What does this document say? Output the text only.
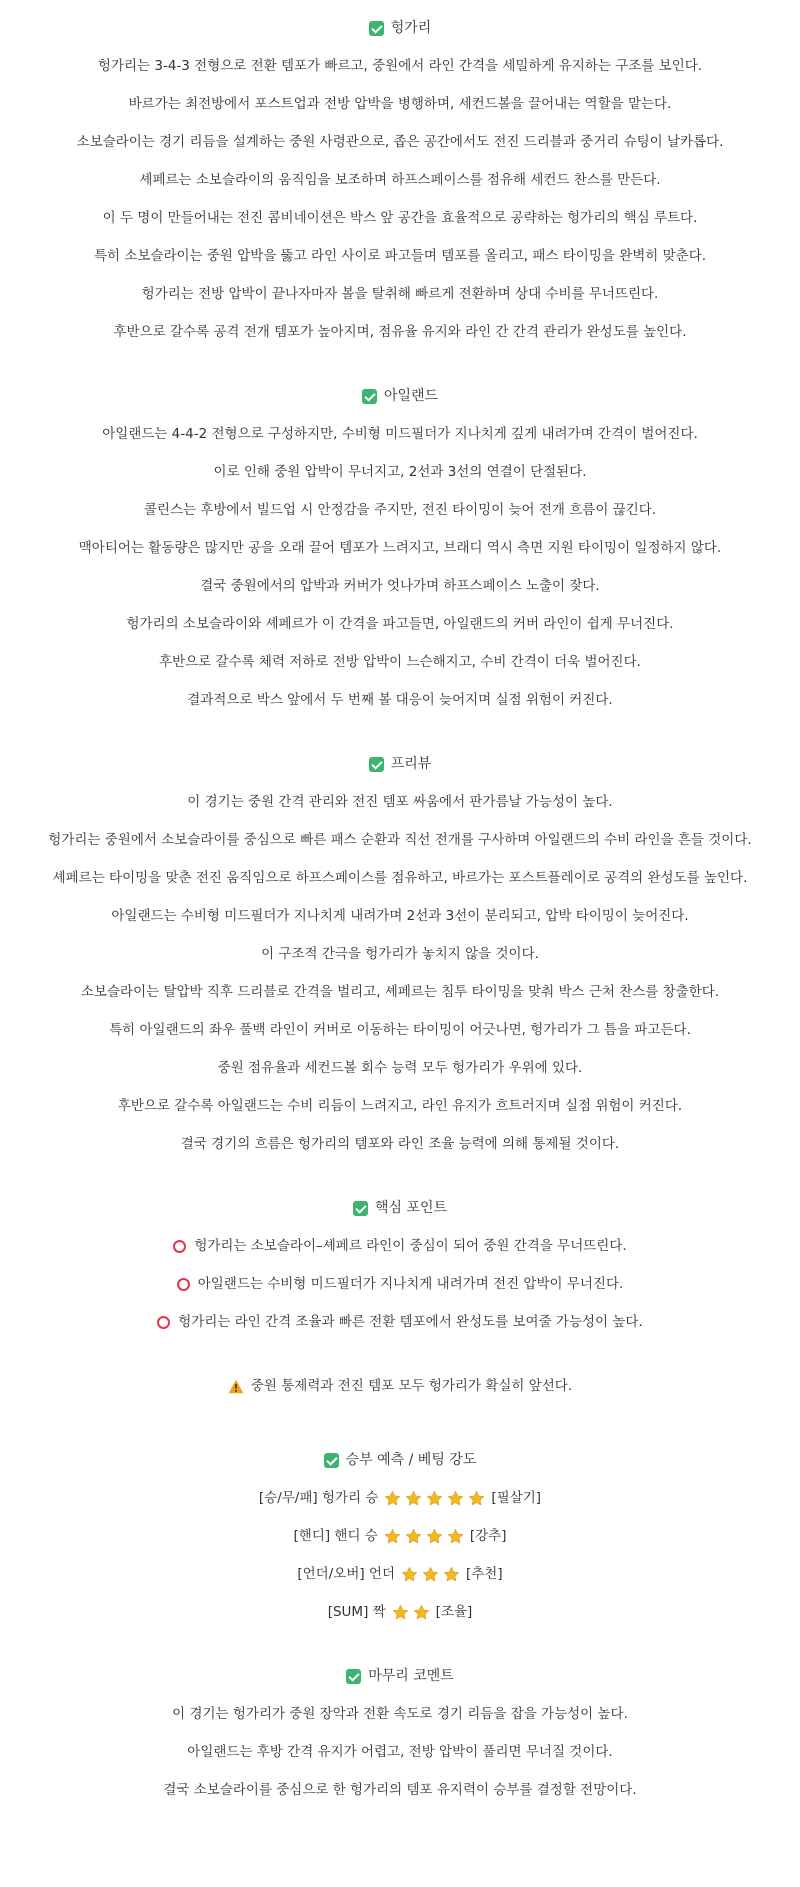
헝가리
헝가리는 3-4-3 전형으로 전환 템포가 빠르고, 중원에서 라인 간격을 세밀하게 유지하는 구조를 보인다.
바르가는 최전방에서 포스트업과 전방 압박을 병행하며, 세컨드볼을 끌어내는 역할을 맡는다.
소보슬라이는 경기 리듬을 설계하는 중원 사령관으로, 좁은 공간에서도 전진 드리블과 중거리 슈팅이 날카롭다.
셰페르는 소보슬라이의 움직임을 보조하며 하프스페이스를 점유해 세컨드 찬스를 만든다.
이 두 명이 만들어내는 전진 콤비네이션은 박스 앞 공간을 효율적으로 공략하는 헝가리의 핵심 루트다.
특히 소보슬라이는 중원 압박을 뚫고 라인 사이로 파고들며 템포를 올리고, 패스 타이밍을 완벽히 맞춘다.
헝가리는 전방 압박이 끝나자마자 볼을 탈취해 빠르게 전환하며 상대 수비를 무너뜨린다.
후반으로 갈수록 공격 전개 템포가 높아지며, 점유율 유지와 라인 간 간격 관리가 완성도를 높인다.
아일랜드
아일랜드는 4-4-2 전형으로 구성하지만, 수비형 미드필더가 지나치게 깊게 내려가며 간격이 벌어진다.
이로 인해 중원 압박이 무너지고, 2선과 3선의 연결이 단절된다.
콜린스는 후방에서 빌드업 시 안정감을 주지만, 전진 타이밍이 늦어 전개 흐름이 끊긴다.
맥아티어는 활동량은 많지만 공을 오래 끌어 템포가 느려지고, 브래디 역시 측면 지원 타이밍이 일정하지 않다.
결국 중원에서의 압박과 커버가 엇나가며 하프스페이스 노출이 잦다.
헝가리의 소보슬라이와 셰페르가 이 간격을 파고들면, 아일랜드의 커버 라인이 쉽게 무너진다.
후반으로 갈수록 체력 저하로 전방 압박이 느슨해지고, 수비 간격이 더욱 벌어진다.
결과적으로 박스 앞에서 두 번째 볼 대응이 늦어지며 실점 위험이 커진다.
프리뷰
이 경기는 중원 간격 관리와 전진 템포 싸움에서 판가름날 가능성이 높다.
헝가리는 중원에서 소보슬라이를 중심으로 빠른 패스 순환과 직선 전개를 구사하며 아일랜드의 수비 라인을 흔들 것이다.
셰페르는 타이밍을 맞춘 전진 움직임으로 하프스페이스를 점유하고, 바르가는 포스트플레이로 공격의 완성도를 높인다.
아일랜드는 수비형 미드필더가 지나치게 내려가며 2선과 3선이 분리되고, 압박 타이밍이 늦어진다.
이 구조적 간극을 헝가리가 놓치지 않을 것이다.
소보슬라이는 탈압박 직후 드리블로 간격을 벌리고, 셰페르는 침투 타이밍을 맞춰 박스 근처 찬스를 창출한다.
특히 아일랜드의 좌우 풀백 라인이 커버로 이동하는 타이밍이 어긋나면, 헝가리가 그 틈을 파고든다.
중원 점유율과 세컨드볼 회수 능력 모두 헝가리가 우위에 있다.
후반으로 갈수록 아일랜드는 수비 리듬이 느려지고, 라인 유지가 흐트러지며 실점 위험이 커진다.
결국 경기의 흐름은 헝가리의 템포와 라인 조율 능력에 의해 통제될 것이다.
핵심 포인트
헝가리는 소보슬라이–셰페르 라인이 중심이 되어 중원 간격을 무너뜨린다.
아일랜드는 수비형 미드필더가 지나치게 내려가며 전진 압박이 무너진다.
헝가리는 라인 간격 조율과 빠른 전환 템포에서 완성도를 보여줄 가능성이 높다.
중원 통제력과 전진 템포 모두 헝가리가 확실히 앞선다.
승부 예측 / 베팅 강도
[승/무/패] 헝가리 승	[필살기]
[핸디] 핸디 승	[강추]
[언더/오버] 언더	[추천]
[SUM] 짝	[조율]
마무리 코멘트
이 경기는 헝가리가 중원 장악과 전환 속도로 경기 리듬을 잡을 가능성이 높다.
아일랜드는 후방 간격 유지가 어렵고, 전방 압박이 풀리면 무너질 것이다.
결국 소보슬라이를 중심으로 한 헝가리의 템포 유지력이 승부를 결정할 전망이다.
